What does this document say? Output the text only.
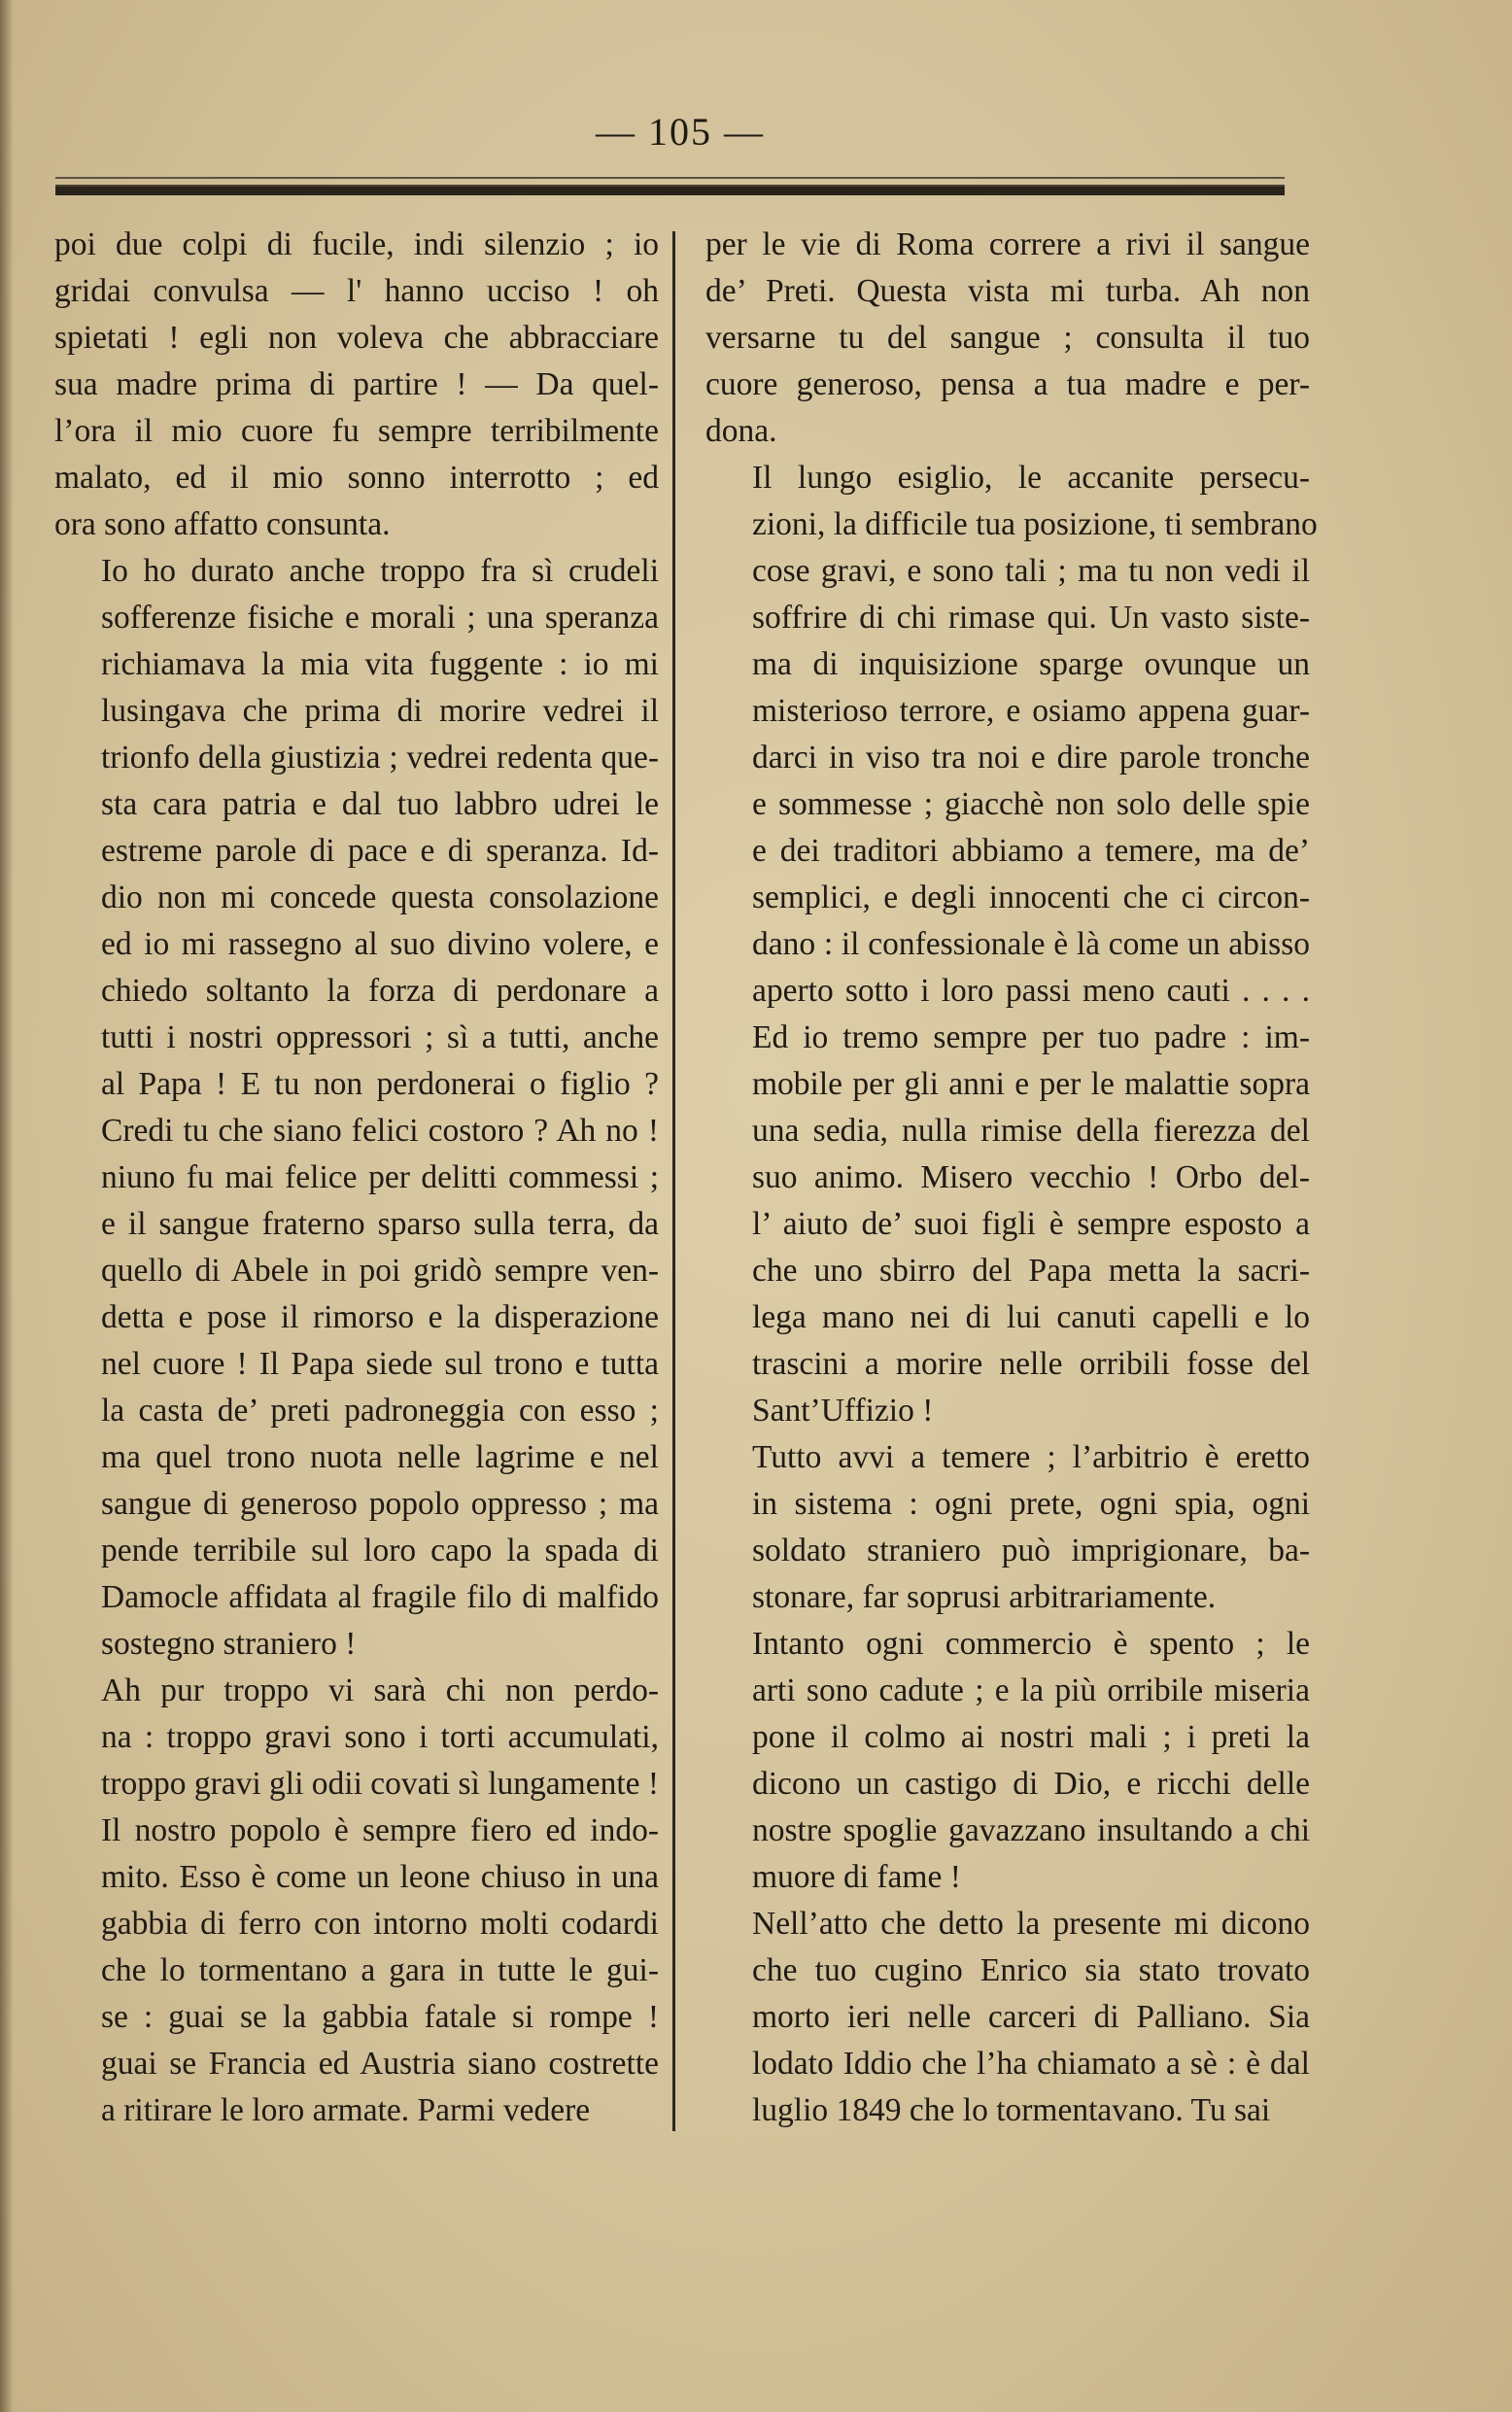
— 105 —
poi due colpi di fucile, indi silenzio ; io
gridai convulsa — l' hanno ucciso ! oh
spietati ! egli non voleva che abbracciare
sua madre prima di partire ! — Da quel-
l’ora il mio cuore fu sempre terribilmente
malato, ed il mio sonno interrotto ; ed
ora sono affatto consunta.
Io ho durato anche troppo fra sì crudeli
sofferenze fisiche e morali ; una speranza
richiamava la mia vita fuggente : io mi
lusingava che prima di morire vedrei il
trionfo della giustizia ; vedrei redenta que-
sta cara patria e dal tuo labbro udrei le
estreme parole di pace e di speranza. Id-
dio non mi concede questa consolazione
ed io mi rassegno al suo divino volere, e
chiedo soltanto la forza di perdonare a
tutti i nostri oppressori ; sì a tutti, anche
al Papa ! E tu non perdonerai o figlio ?
Credi tu che siano felici costoro ? Ah no !
niuno fu mai felice per delitti commessi ;
e il sangue fraterno sparso sulla terra, da
quello di Abele in poi gridò sempre ven-
detta e pose il rimorso e la disperazione
nel cuore ! Il Papa siede sul trono e tutta
la casta de’ preti padroneggia con esso ;
ma quel trono nuota nelle lagrime e nel
sangue di generoso popolo oppresso ; ma
pende terribile sul loro capo la spada di
Damocle affidata al fragile filo di malfido
sostegno straniero !
Ah pur troppo vi sarà chi non perdo-
na : troppo gravi sono i torti accumulati,
troppo gravi gli odii covati sì lungamente !
Il nostro popolo è sempre fiero ed indo-
mito. Esso è come un leone chiuso in una
gabbia di ferro con intorno molti codardi
che lo tormentano a gara in tutte le gui-
se : guai se la gabbia fatale si rompe !
guai se Francia ed Austria siano costrette
a ritirare le loro armate. Parmi vedere
per le vie di Roma correre a rivi il sangue
de’ Preti. Questa vista mi turba. Ah non
versarne tu del sangue ; consulta il tuo
cuore generoso, pensa a tua madre e per-
dona.
Il lungo esiglio, le accanite persecu-
zioni, la difficile tua posizione, ti sembrano
cose gravi, e sono tali ; ma tu non vedi il
soffrire di chi rimase qui. Un vasto siste-
ma di inquisizione sparge ovunque un
misterioso terrore, e osiamo appena guar-
darci in viso tra noi e dire parole tronche
e sommesse ; giacchè non solo delle spie
e dei traditori abbiamo a temere, ma de’
semplici, e degli innocenti che ci circon-
dano : il confessionale è là come un abisso
aperto sotto i loro passi meno cauti . . . .
Ed io tremo sempre per tuo padre : im-
mobile per gli anni e per le malattie sopra
una sedia, nulla rimise della fierezza del
suo animo. Misero vecchio ! Orbo del-
l’ aiuto de’ suoi figli è sempre esposto a
che uno sbirro del Papa metta la sacri-
lega mano nei di lui canuti capelli e lo
trascini a morire nelle orribili fosse del
Sant’Uffizio !
Tutto avvi a temere ; l’arbitrio è eretto
in sistema : ogni prete, ogni spia, ogni
soldato straniero può imprigionare, ba-
stonare, far soprusi arbitrariamente.
Intanto ogni commercio è spento ; le
arti sono cadute ; e la più orribile miseria
pone il colmo ai nostri mali ; i preti la
dicono un castigo di Dio, e ricchi delle
nostre spoglie gavazzano insultando a chi
muore di fame !
Nell’atto che detto la presente mi dicono
che tuo cugino Enrico sia stato trovato
morto ieri nelle carceri di Palliano. Sia
lodato Iddio che l’ha chiamato a sè : è dal
luglio 1849 che lo tormentavano. Tu sai
